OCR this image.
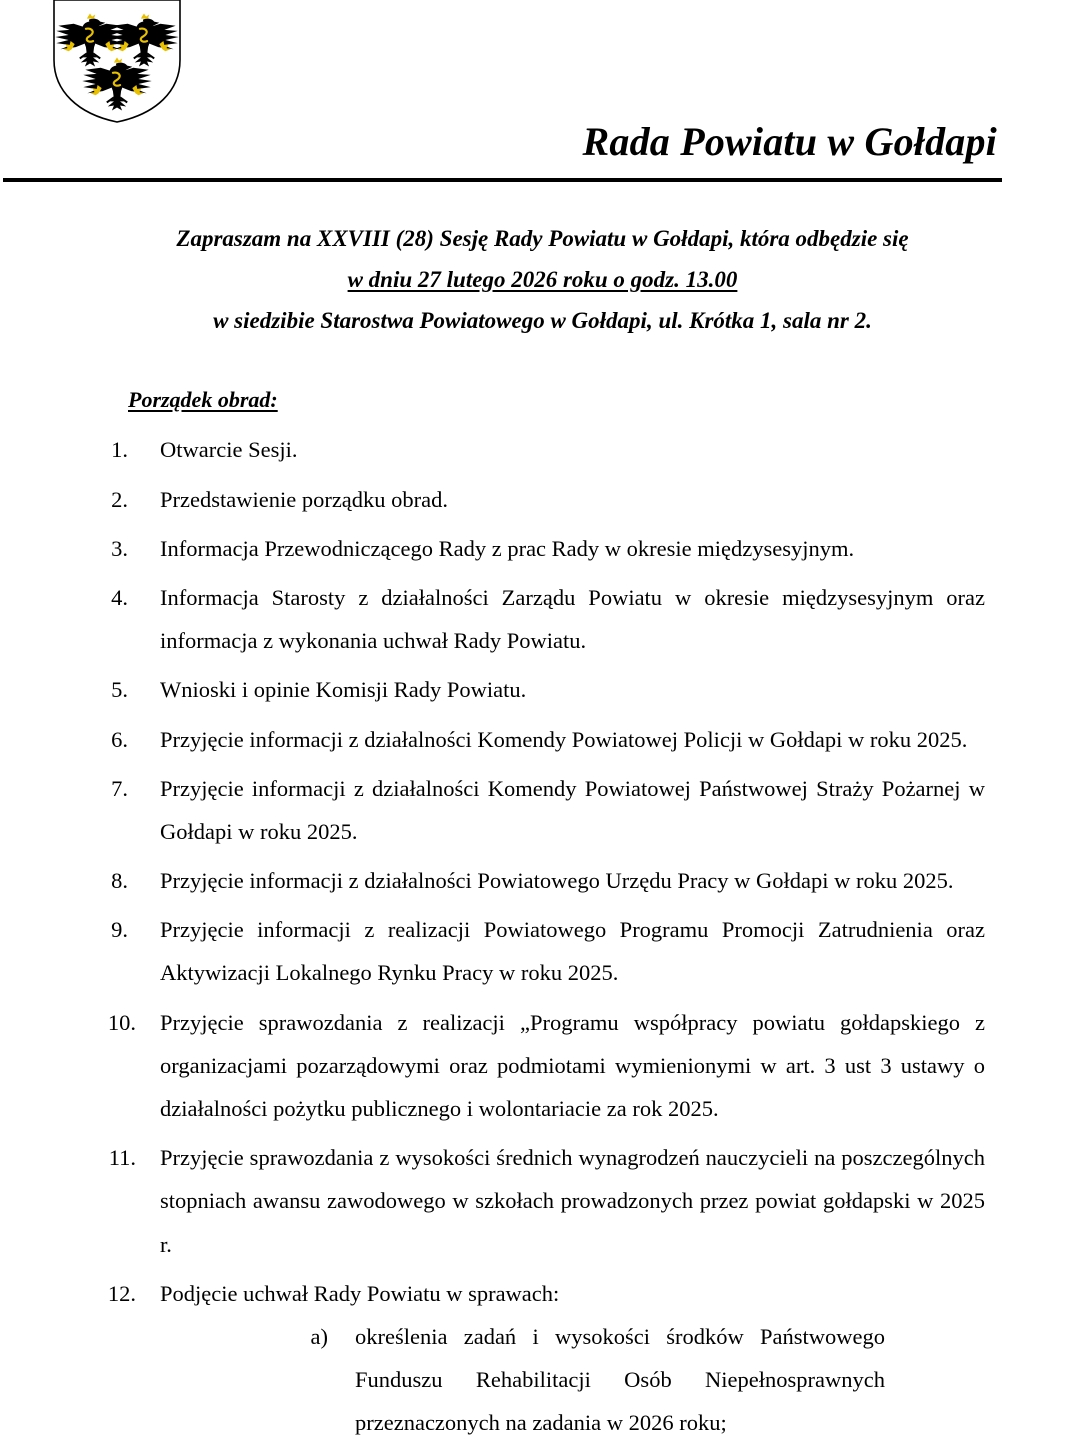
Rada Powiatu w Gołdapi
Zapraszam na XXVIII (28) Sesję Rady Powiatu w Gołdapi, która odbędzie się
w dniu 27 lutego 2026 roku o godz. 13.00
w siedzibie Starostwa Powiatowego w Gołdapi, ul. Krótka 1, sala nr 2.
Porządek obrad:
1.	Otwarcie Sesji.
2.	Przedstawienie porządku obrad.
3.	Informacja Przewodniczącego Rady z prac Rady w okresie międzysesyjnym.
4.	Informacja Starosty z działalności Zarządu Powiatu w okresie międzysesyjnym oraz informacja z wykonania uchwał Rady Powiatu.
5.	Wnioski i opinie Komisji Rady Powiatu.
6.	Przyjęcie informacji z działalności Komendy Powiatowej Policji w Gołdapi w roku 2025.
7.	Przyjęcie informacji z działalności Komendy Powiatowej Państwowej Straży Pożarnej w Gołdapi w roku 2025.
8.	Przyjęcie informacji z działalności Powiatowego Urzędu Pracy w Gołdapi w roku 2025.
9.	Przyjęcie informacji z realizacji Powiatowego Programu Promocji Zatrudnienia oraz Aktywizacji Lokalnego Rynku Pracy w roku 2025.
10. Przyjęcie sprawozdania z realizacji „Programu współpracy powiatu gołdapskiego z organizacjami pozarządowymi oraz podmiotami wymienionymi w art. 3 ust 3 ustawy o działalności pożytku publicznego i wolontariacie za rok 2025.
11. Przyjęcie sprawozdania z wysokości średnich wynagrodzeń nauczycieli na poszczególnych stopniach awansu zawodowego w szkołach prowadzonych przez powiat gołdapski w 2025 r.
12. Podjęcie uchwał Rady Powiatu w sprawach:
a)	określenia zadań i wysokości środków Państwowego Funduszu Rehabilitacji Osób Niepełnosprawnych przeznaczonych na zadania w 2026 roku;
